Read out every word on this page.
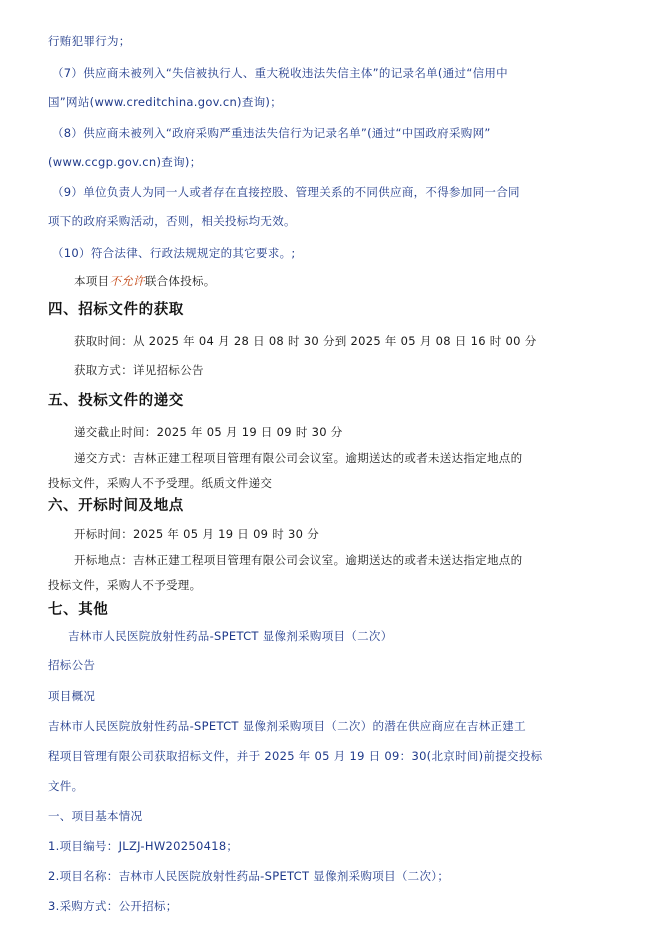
行贿犯罪行为；
（7）供应商未被列入“失信被执行人、重大税收违法失信主体”的记录名单(通过“信用中
国”网站(www.creditchina.gov.cn)查询)；
（8）供应商未被列入“政府采购严重违法失信行为记录名单”(通过“中国政府采购网”
(www.ccgp.gov.cn)查询)；
（9）单位负责人为同一人或者存在直接控股、管理关系的不同供应商，不得参加同一合同
项下的政府采购活动，否则，相关投标均无效。
（10）符合法律、行政法规规定的其它要求。;
本项目不允许联合体投标。
四、招标文件的获取
获取时间：从 2025 年 04 月 28 日 08 时 30 分到 2025 年 05 月 08 日 16 时 00 分
获取方式：详见招标公告
五、投标文件的递交
递交截止时间：2025 年 05 月 19 日 09 时 30 分
递交方式：吉林正建工程项目管理有限公司会议室。逾期送达的或者未送达指定地点的
投标文件，采购人不予受理。纸质文件递交
六、开标时间及地点
开标时间：2025 年 05 月 19 日 09 时 30 分
开标地点：吉林正建工程项目管理有限公司会议室。逾期送达的或者未送达指定地点的
投标文件，采购人不予受理。
七、其他
吉林市人民医院放射性药品-SPETCT 显像剂采购项目（二次）
招标公告
项目概况
吉林市人民医院放射性药品-SPETCT 显像剂采购项目（二次）的潜在供应商应在吉林正建工
程项目管理有限公司获取招标文件，并于 2025 年 05 月 19 日 09：30(北京时间)前提交投标
文件。
一、项目基本情况
1.项目编号：JLZJ-HW20250418；
2.项目名称：吉林市人民医院放射性药品-SPETCT 显像剂采购项目（二次）；
3.采购方式：公开招标；
